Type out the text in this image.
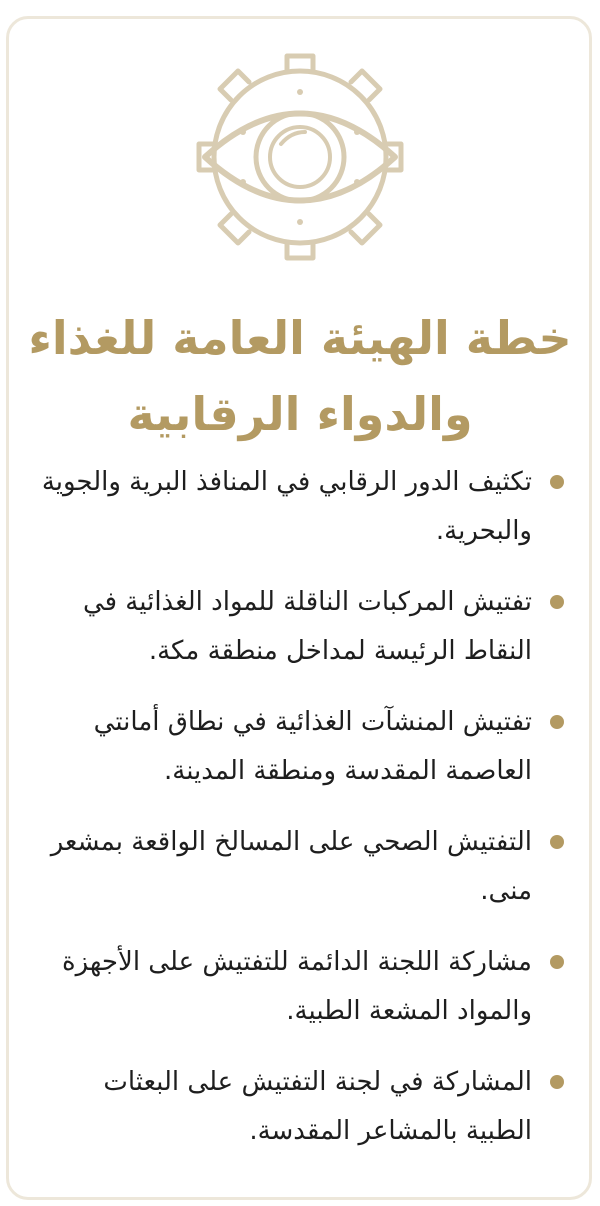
خطة الهيئة العامة للغذاء
والدواء الرقابية
تكثيف الدور الرقابي في المنافذ البرية والجوية والبحرية.
تفتيش المركبات الناقلة للمواد الغذائية في النقاط الرئيسة لمداخل منطقة مكة.
تفتيش المنشآت الغذائية في نطاق أمانتي العاصمة المقدسة ومنطقة المدينة.
التفتيش الصحي على المسالخ الواقعة بمشعر منى.
مشاركة اللجنة الدائمة للتفتيش على الأجهزة والمواد المشعة الطبية.
المشاركة في لجنة التفتيش على البعثات الطبية بالمشاعر المقدسة.
